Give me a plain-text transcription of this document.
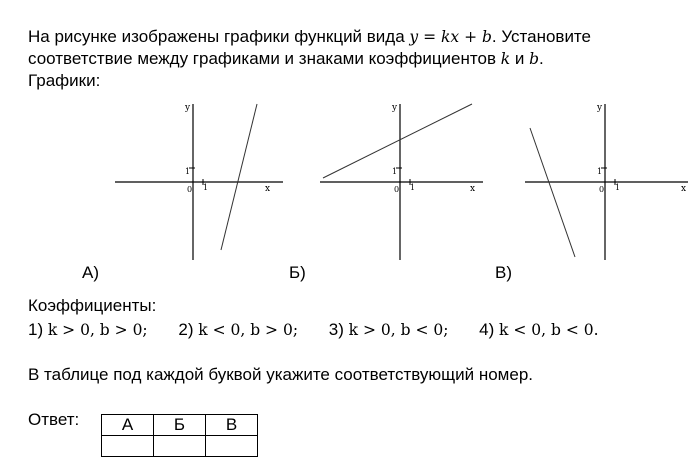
На рисунке изображены графики функций вида y = kx + b. Установите
соответствие между графиками и знаками коэффициентов k и b.
Графики:
y
1
0 1	x
y
1
0 1	x
y
1
0 1	x
А)	Б)	В)
Коэффициенты:
1) k > 0, b > 0; 2) k < 0, b > 0; 3) k > 0, b < 0; 4) k < 0, b < 0.
В таблице под каждой буквой укажите соответствующий номер.
Ответ:	А	Б	В
